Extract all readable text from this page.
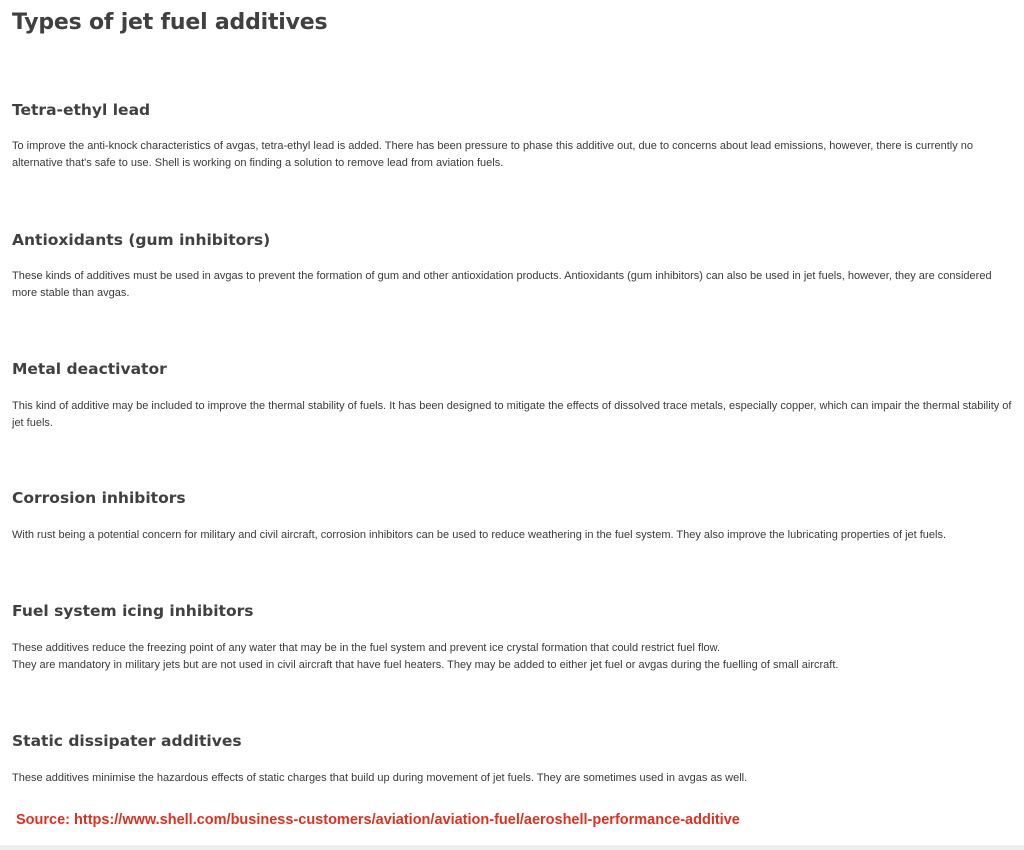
Types of jet fuel additives
Tetra-ethyl lead

To improve the anti-knock characteristics of avgas, tetra-ethyl lead is added. There has been pressure to phase this additive out, due to concerns about lead emissions, however, there is currently no alternative that's safe to use. Shell is working on finding a solution to remove lead from aviation fuels.

Antioxidants (gum inhibitors)

These kinds of additives must be used in avgas to prevent the formation of gum and other antioxidation products. Antioxidants (gum inhibitors) can also be used in jet fuels, however, they are considered more stable than avgas.

Metal deactivator

This kind of additive may be included to improve the thermal stability of fuels. It has been designed to mitigate the effects of dissolved trace metals, especially copper, which can impair the thermal stability of jet fuels.

Corrosion inhibitors

With rust being a potential concern for military and civil aircraft, corrosion inhibitors can be used to reduce weathering in the fuel system. They also improve the lubricating properties of jet fuels.

Fuel system icing inhibitors

These additives reduce the freezing point of any water that may be in the fuel system and prevent ice crystal formation that could restrict fuel flow.

They are mandatory in military jets but are not used in civil aircraft that have fuel heaters. They may be added to either jet fuel or avgas during the fuelling of small aircraft.

Static dissipater additives

These additives minimise the hazardous effects of static charges that build up during movement of jet fuels. They are sometimes used in avgas as well.

Source: https://www.shell.com/business-customers/aviation/aviation-fuel/aeroshell-performance-additive
